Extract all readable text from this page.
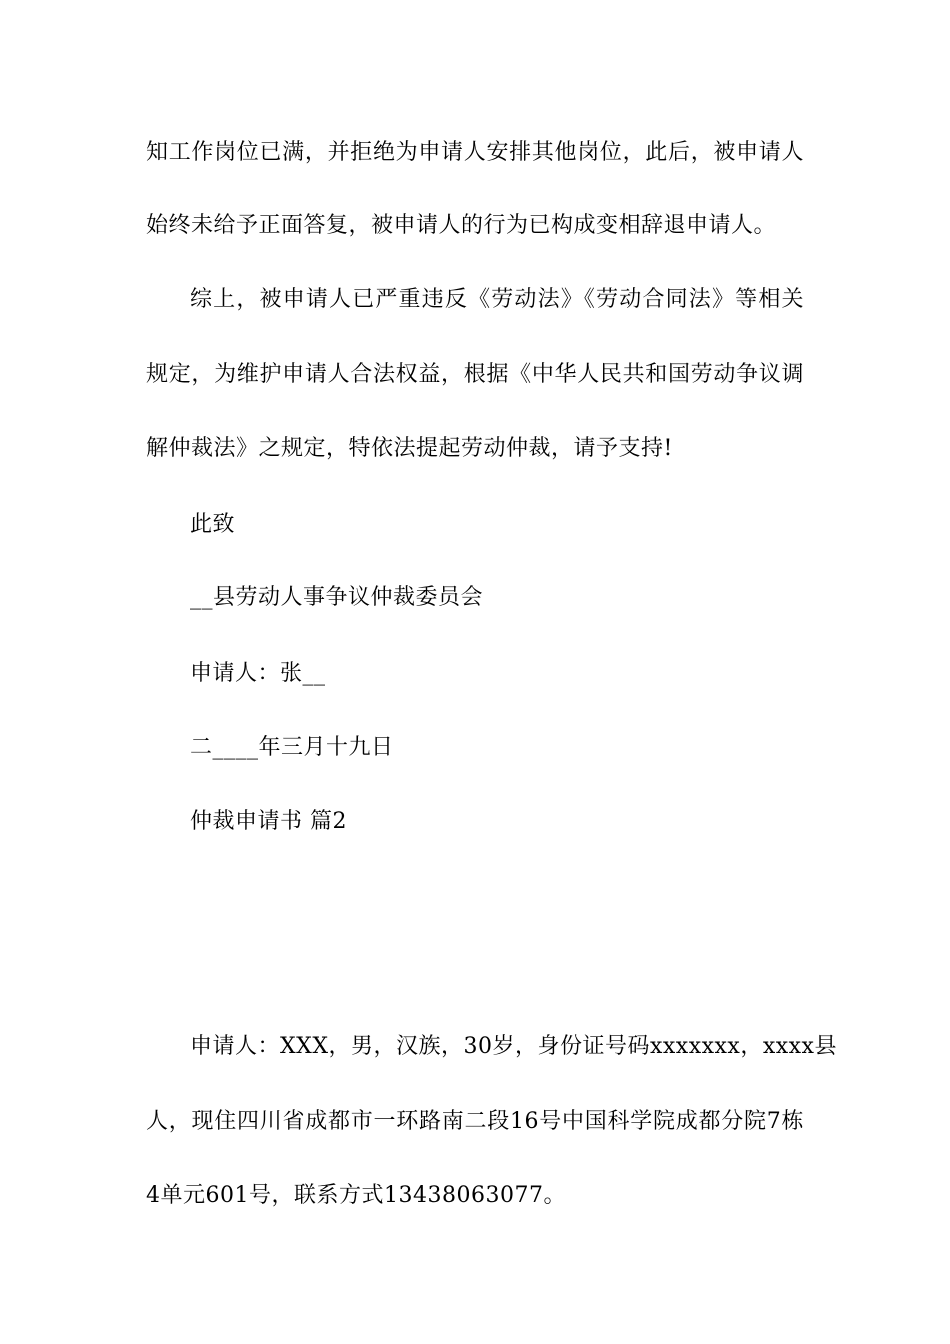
知工作岗位已满，并拒绝为申请人安排其他岗位，此后，被申请人
始终未给予正面答复，被申请人的行为已构成变相辞退申请人。
综上，被申请人已严重违反《劳动法》《劳动合同法》等相关
规定，为维护申请人合法权益，根据《中华人民共和国劳动争议调
解仲裁法》之规定，特依法提起劳动仲裁，请予支持!
此致
__县劳动人事争议仲裁委员会
申请人：张__
二____年三月十九日
仲裁申请书 篇2
申请人：XXX，男，汉族，30岁，身份证号码xxxxxxx，xxxx县
人，现住四川省成都市一环路南二段16号中国科学院成都分院7栋
4单元601号，联系方式13438063077。
